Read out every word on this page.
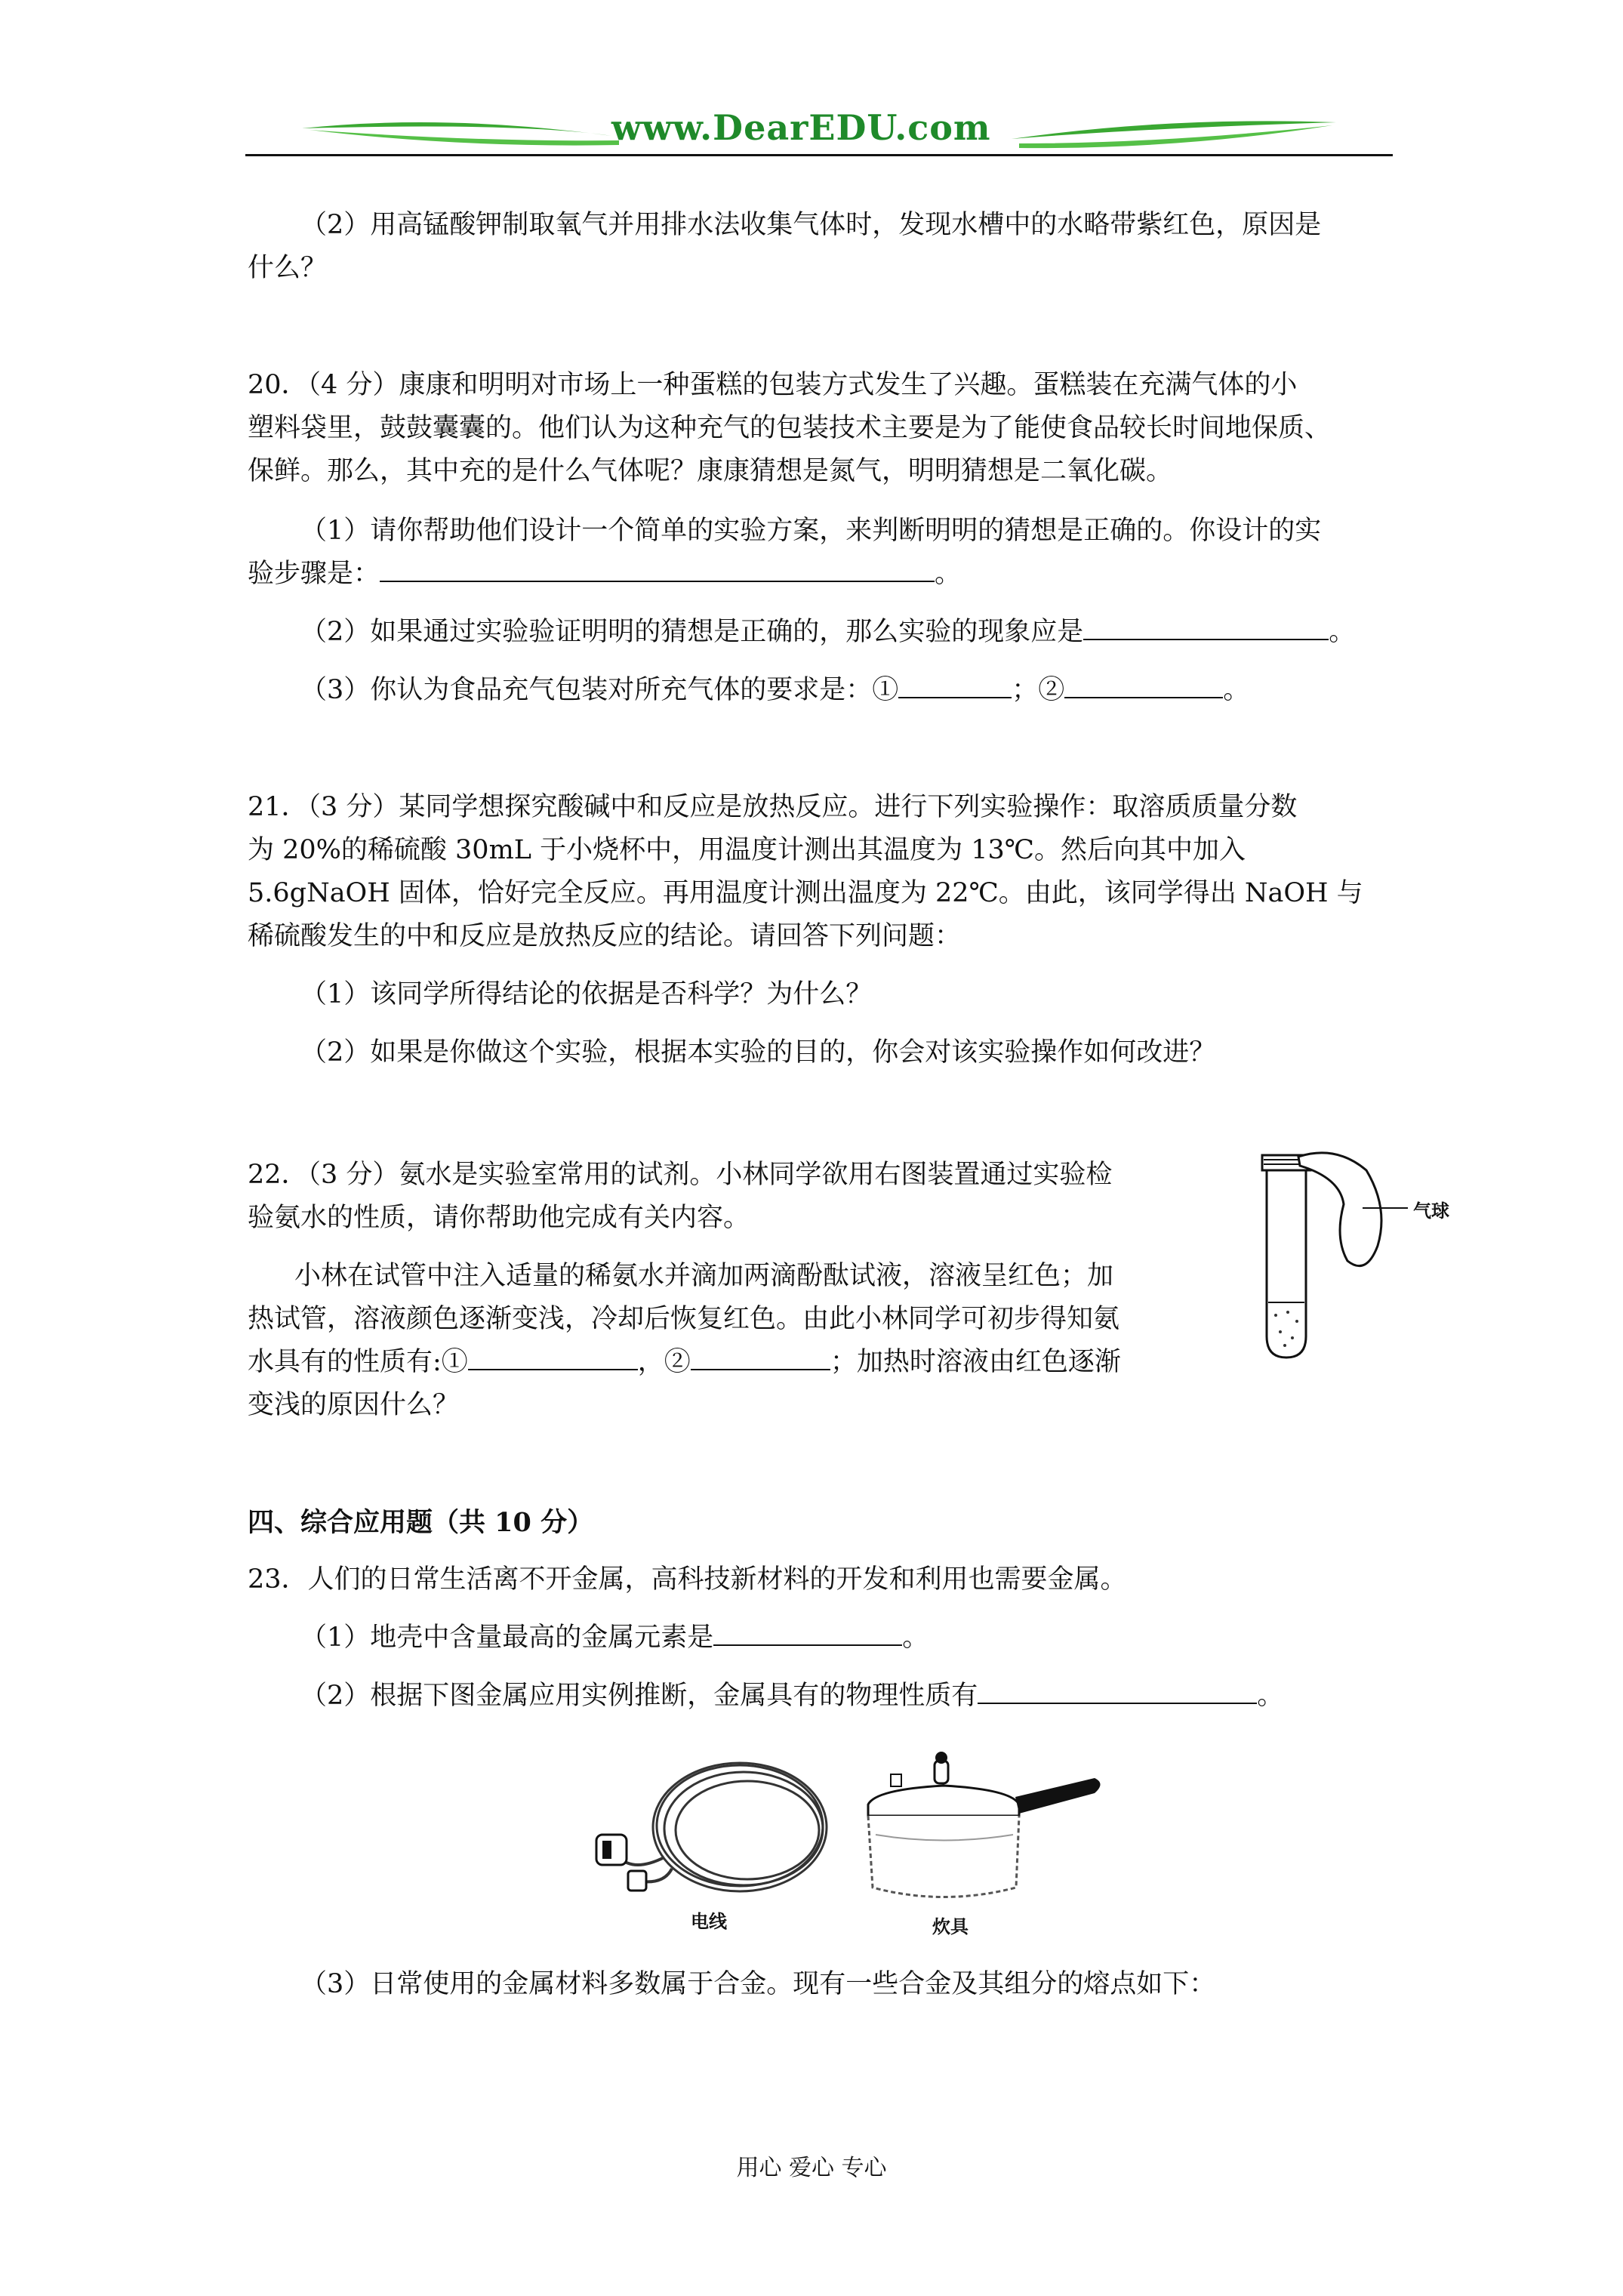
www.DearEDU.com
（2）用高锰酸钾制取氧气并用排水法收集气体时，发现水槽中的水略带紫红色，原因是
什么？
20．（4 分）康康和明明对市场上一种蛋糕的包装方式发生了兴趣。蛋糕装在充满气体的小
塑料袋里，鼓鼓囊囊的。他们认为这种充气的包装技术主要是为了能使食品较长时间地保质、
保鲜。那么，其中充的是什么气体呢？康康猜想是氮气，明明猜想是二氧化碳。
（1）请你帮助他们设计一个简单的实验方案，来判断明明的猜想是正确的。你设计的实
验步骤是：	。
（2）如果通过实验验证明明的猜想是正确的，那么实验的现象应是	。
（3）你认为食品充气包装对所充气体的要求是：①	；②	。
21．（3 分）某同学想探究酸碱中和反应是放热反应。进行下列实验操作：取溶质质量分数
为 20%的稀硫酸 30mL 于小烧杯中，用温度计测出其温度为 13℃。然后向其中加入
5.6gNaOH 固体，恰好完全反应。再用温度计测出温度为 22℃。由此，该同学得出 NaOH 与
稀硫酸发生的中和反应是放热反应的结论。请回答下列问题：
（1）该同学所得结论的依据是否科学？为什么？
（2）如果是你做这个实验，根据本实验的目的，你会对该实验操作如何改进？
22．（3 分）氨水是实验室常用的试剂。小林同学欲用右图装置通过实验检
验氨水的性质，请你帮助他完成有关内容。
小林在试管中注入适量的稀氨水并滴加两滴酚酞试液，溶液呈红色；加
热试管，溶液颜色逐渐变浅，冷却后恢复红色。由此小林同学可初步得知氨
水具有的性质有:①	，②	；加热时溶液由红色逐渐
变浅的原因什么？
气球
四、综合应用题（共 10 分）
23．人们的日常生活离不开金属，高科技新材料的开发和利用也需要金属。
（1）地壳中含量最高的金属元素是	。
（2）根据下图金属应用实例推断，金属具有的物理性质有	。
电线	炊具
（3）日常使用的金属材料多数属于合金。现有一些合金及其组分的熔点如下：
用心 爱心 专心
